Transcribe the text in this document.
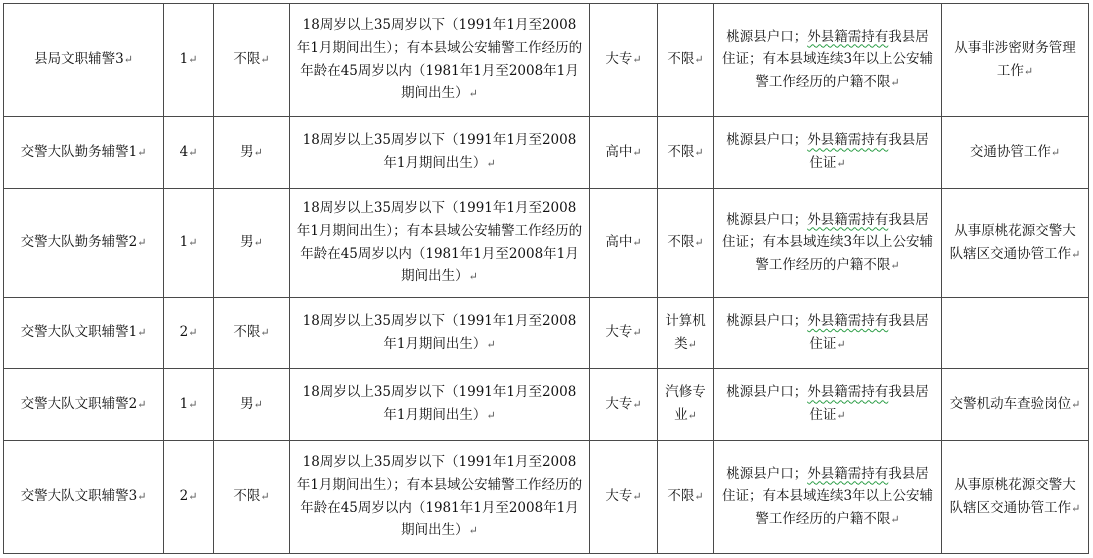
县局文职辅警3↵	1↵	不限↵	18周岁以上35周岁以下（1991年1月至2008年1月期间出生）；有本县域公安辅警工作经历的年龄在45周岁以内（1981年1月至2008年1月期间出生）↵	大专↵	不限↵	桃源县户口；外县籍需持有我县居住证；有本县域连续3年以上公安辅警工作经历的户籍不限↵	从事非涉密财务管理工作↵
交警大队勤务辅警1↵	4↵	男↵	18周岁以上35周岁以下（1991年1月至2008年1月期间出生）↵	高中↵	不限↵	桃源县户口；外县籍需持有我县居住证↵	交通协管工作↵
交警大队勤务辅警2↵	1↵	男↵	18周岁以上35周岁以下（1991年1月至2008年1月期间出生）；有本县域公安辅警工作经历的年龄在45周岁以内（1981年1月至2008年1月期间出生）↵	高中↵	不限↵	桃源县户口；外县籍需持有我县居住证；有本县域连续3年以上公安辅警工作经历的户籍不限↵	从事原桃花源交警大队辖区交通协管工作↵
交警大队文职辅警1↵	2↵	不限↵	18周岁以上35周岁以下（1991年1月至2008年1月期间出生）↵	大专↵	计算机类↵	桃源县户口；外县籍需持有我县居住证↵	
交警大队文职辅警2↵	1↵	男↵	18周岁以上35周岁以下（1991年1月至2008年1月期间出生）↵	大专↵	汽修专业↵	桃源县户口；外县籍需持有我县居住证↵	交警机动车查验岗位↵
交警大队文职辅警3↵	2↵	不限↵	18周岁以上35周岁以下（1991年1月至2008年1月期间出生）；有本县域公安辅警工作经历的年龄在45周岁以内（1981年1月至2008年1月期间出生）↵	大专↵	不限↵	桃源县户口；外县籍需持有我县居住证；有本县域连续3年以上公安辅警工作经历的户籍不限↵	从事原桃花源交警大队辖区交通协管工作↵
